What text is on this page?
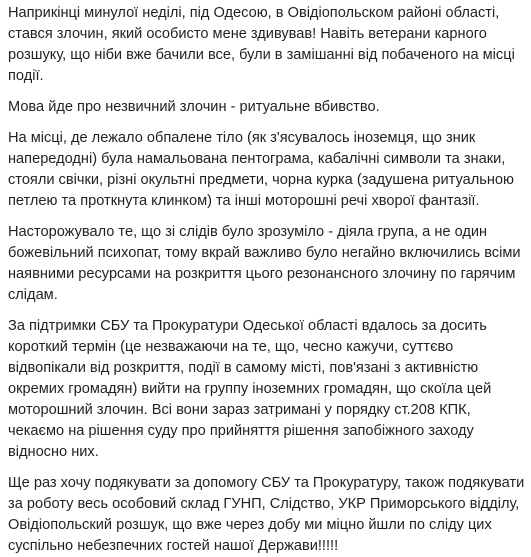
Наприкінці минулої неділі, під Одесою, в Овідіопольском районі області, стався злочин, який особисто мене здивував! Навіть ветерани карного розшуку, що ніби вже бачили все, були в замішанні від побаченого на місці події.

Мова йде про незвичний злочин - ритуальне вбивство.

На місці, де лежало обпалене тіло (як з'ясувалось іноземця, що зник напередодні) була намальована пентограма, кабалічні символи та знаки, стояли свічки, різні окультні предмети, чорна курка (задушена ритуальною петлею та проткнута клинком) та інші моторошні речі хворої фантазії.

Насторожувало те, що зі слідів було зрозуміло - діяла група, а не один божевільний психопат, тому вкрай важливо було негайно включились всіми наявними ресурсами на розкриття цього резонансного злочину по гарячим слідам.

За підтримки СБУ та Прокуратури Одеської області вдалось за досить короткий термін (це незважаючи на те, що, чесно кажучи, суттєво відвопікали від розкриття, події в самому місті, пов'язані з активністю окремих громадян) вийти на группу іноземних громадян, що скоїла цей моторошний злочин. Всі вони зараз затримані у порядку ст.208 КПК, чекаємо на рішення суду про прийняття рішення запобіжного заходу відносно них.

Ще раз хочу подякувати за допомогу СБУ та Прокуратуру, також подякувати за роботу весь особовий склад ГУНП, Слідство, УКР Приморського відділу, Овідіопольский розшук, що вже через добу ми міцно йшли по сліду цих суспільно небезпечних гостей нашої Держави!!!!!
